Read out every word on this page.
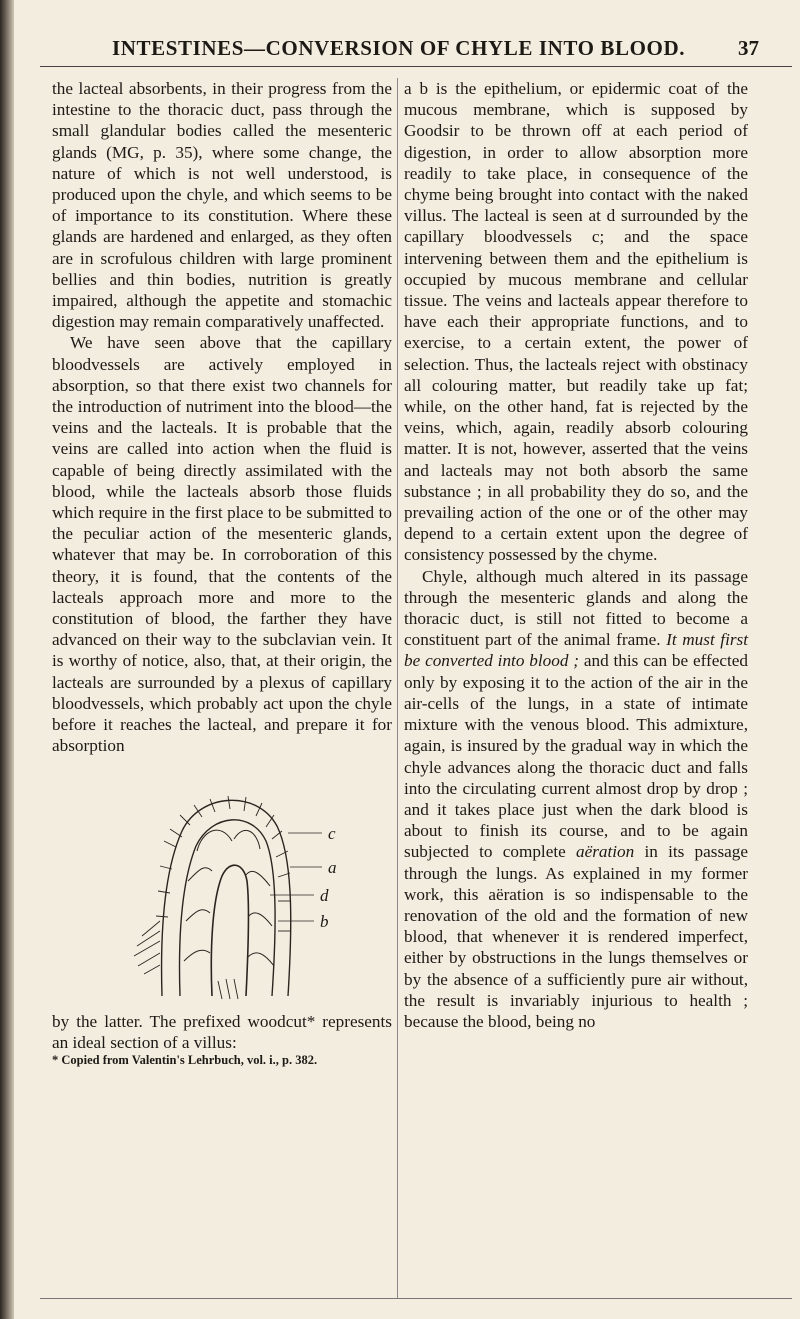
INTESTINES—CONVERSION OF CHYLE INTO BLOOD.	37

the lacteal absorbents, in their progress from the intestine to the thoracic duct, pass through the small glandular bodies called the mesenteric glands (MG, p. 35), where some change, the nature of which is not well understood, is produced upon the chyle, and which seems to be of importance to its constitution. Where these glands are hardened and enlarged, as they often are in scrofulous children with large prominent bellies and thin bodies, nutrition is greatly impaired, although the appetite and stomachic digestion may remain comparatively unaffected.

We have seen above that the capillary bloodvessels are actively employed in absorption, so that there exist two channels for the introduction of nutriment into the blood—the veins and the lacteals. It is probable that the veins are called into action when the fluid is capable of being directly assimilated with the blood, while the lacteals absorb those fluids which require in the first place to be submitted to the peculiar action of the mesenteric glands, whatever that may be. In corroboration of this theory, it is found, that the contents of the lacteals approach more and more to the constitution of blood, the farther they have advanced on their way to the subclavian vein. It is worthy of notice, also, that, at their origin, the lacteals are surrounded by a plexus of capillary bloodvessels, which probably act upon the chyle before it reaches the lacteal, and prepare it for absorption

c
a
d
b

by the latter. The prefixed woodcut* represents an ideal section of a villus:

* Copied from Valentin's Lehrbuch, vol. i., p. 382.

a b is the epithelium, or epidermic coat of the mucous membrane, which is supposed by Goodsir to be thrown off at each period of digestion, in order to allow absorption more readily to take place, in consequence of the chyme being brought into contact with the naked villus. The lacteal is seen at d surrounded by the capillary bloodvessels c; and the space intervening between them and the epithelium is occupied by mucous membrane and cellular tissue. The veins and lacteals appear therefore to have each their appropriate functions, and to exercise, to a certain extent, the power of selection. Thus, the lacteals reject with obstinacy all colouring matter, but readily take up fat; while, on the other hand, fat is rejected by the veins, which, again, readily absorb colouring matter. It is not, however, asserted that the veins and lacteals may not both absorb the same substance ; in all probability they do so, and the prevailing action of the one or of the other may depend to a certain extent upon the degree of consistency possessed by the chyme.

Chyle, although much altered in its passage through the mesenteric glands and along the thoracic duct, is still not fitted to become a constituent part of the animal frame. It must first be converted into blood ; and this can be effected only by exposing it to the action of the air in the air-cells of the lungs, in a state of intimate mixture with the venous blood. This admixture, again, is insured by the gradual way in which the chyle advances along the thoracic duct and falls into the circulating current almost drop by drop ; and it takes place just when the dark blood is about to finish its course, and to be again subjected to complete aëration in its passage through the lungs. As explained in my former work, this aëration is so indispensable to the renovation of the old and the formation of new blood, that whenever it is rendered imperfect, either by obstructions in the lungs themselves or by the absence of a sufficiently pure air without, the result is invariably injurious to health ; because the blood, being no
